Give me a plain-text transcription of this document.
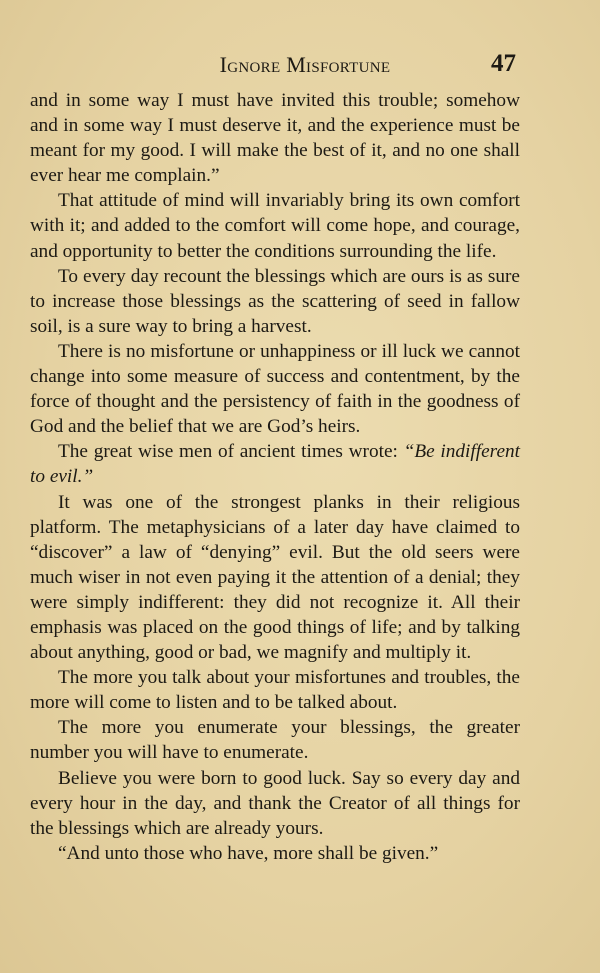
Ignore Misfortune	47

and in some way I must have invited this trouble; somehow and in some way I must deserve it, and the experience must be meant for my good. I will make the best of it, and no one shall ever hear me complain.”

That attitude of mind will invariably bring its own comfort with it; and added to the comfort will come hope, and courage, and opportunity to better the conditions surrounding the life.

To every day recount the blessings which are ours is as sure to increase those blessings as the scattering of seed in fallow soil, is a sure way to bring a harvest.

There is no misfortune or unhappiness or ill luck we cannot change into some measure of success and contentment, by the force of thought and the persistency of faith in the goodness of God and the belief that we are God’s heirs.

The great wise men of ancient times wrote: “Be indifferent to evil.”

It was one of the strongest planks in their religious platform. The metaphysicians of a later day have claimed to “discover” a law of “denying” evil. But the old seers were much wiser in not even paying it the attention of a denial; they were simply indifferent: they did not recognize it. All their emphasis was placed on the good things of life; and by talking about anything, good or bad, we magnify and multiply it.

The more you talk about your misfortunes and troubles, the more will come to listen and to be talked about.

The more you enumerate your blessings, the greater number you will have to enumerate.

Believe you were born to good luck. Say so every day and every hour in the day, and thank the Creator of all things for the blessings which are already yours.

“And unto those who have, more shall be given.”
